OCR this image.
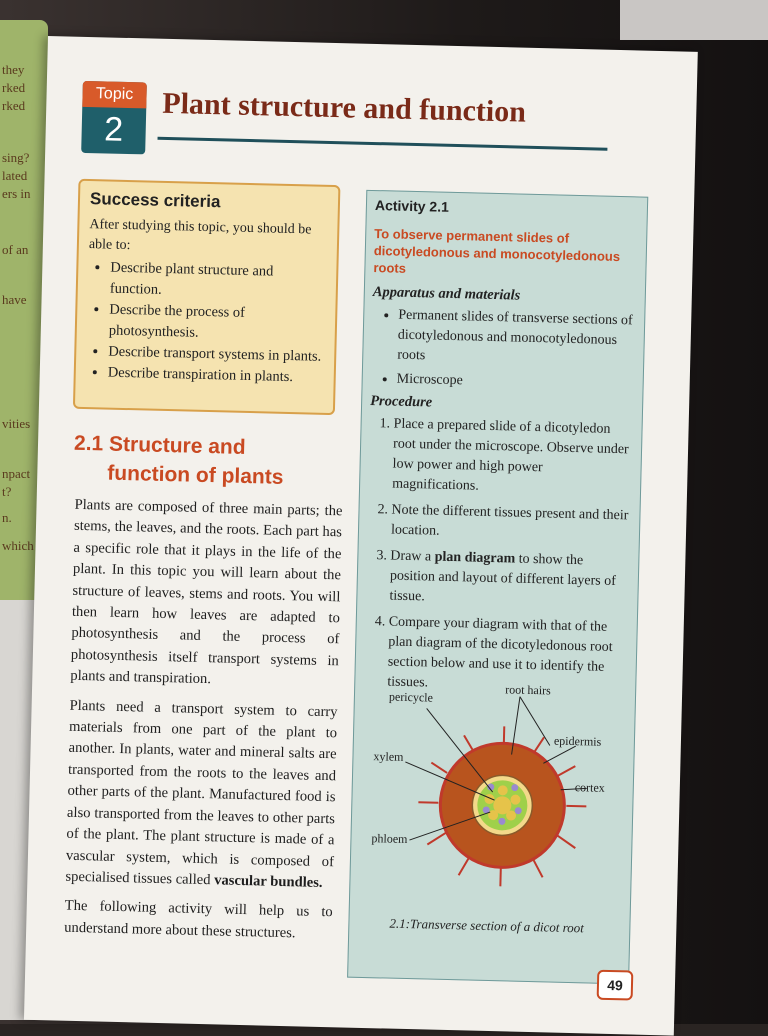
they
rked
rked
sing?
lated
ers in
of an
have
vities
npact
t?
n.
which
Topic
2
Plant structure and function
Success criteria

After studying this topic, you should be able to:

• Describe plant structure and function.
• Describe the process of photosynthesis.
• Describe transport systems in plants.
• Describe transpiration in plants.
2.1 Structure and
function of plants

Plants are composed of three main parts; the stems, the leaves, and the roots. Each part has a specific role that it plays in the life of the plant. In this topic you will learn about the structure of leaves, stems and roots. You will then learn how leaves are adapted to photosynthesis and the process of photosynthesis itself transport systems in plants and transpiration.

Plants need a transport system to carry materials from one part of the plant to another. In plants, water and mineral salts are transported from the roots to the leaves and other parts of the plant. Manufactured food is also transported from the leaves to other parts of the plant. The plant structure is made of a vascular system, which is composed of specialised tissues called vascular bundles.

The following activity will help us to understand more about these structures.

Activity 2.1
To observe permanent slides of dicotyledonous and monocotyledonous roots
Apparatus and materials
• Permanent slides of transverse sections of dicotyledonous and monocotyledonous roots
• Microscope
Procedure
1. Place a prepared slide of a dicotyledon root under the microscope. Observe under low power and high power magnifications.
2. Note the different tissues present and their location.
3. Draw a plan diagram to show the position and layout of different layers of tissue.
4. Compare your diagram with that of the plan diagram of the dicotyledonous root section below and use it to identify the tissues.
pericycle	root hairs
epidermis
xylem
cortex
phloem
2.1:Transverse section of a dicot root
49
